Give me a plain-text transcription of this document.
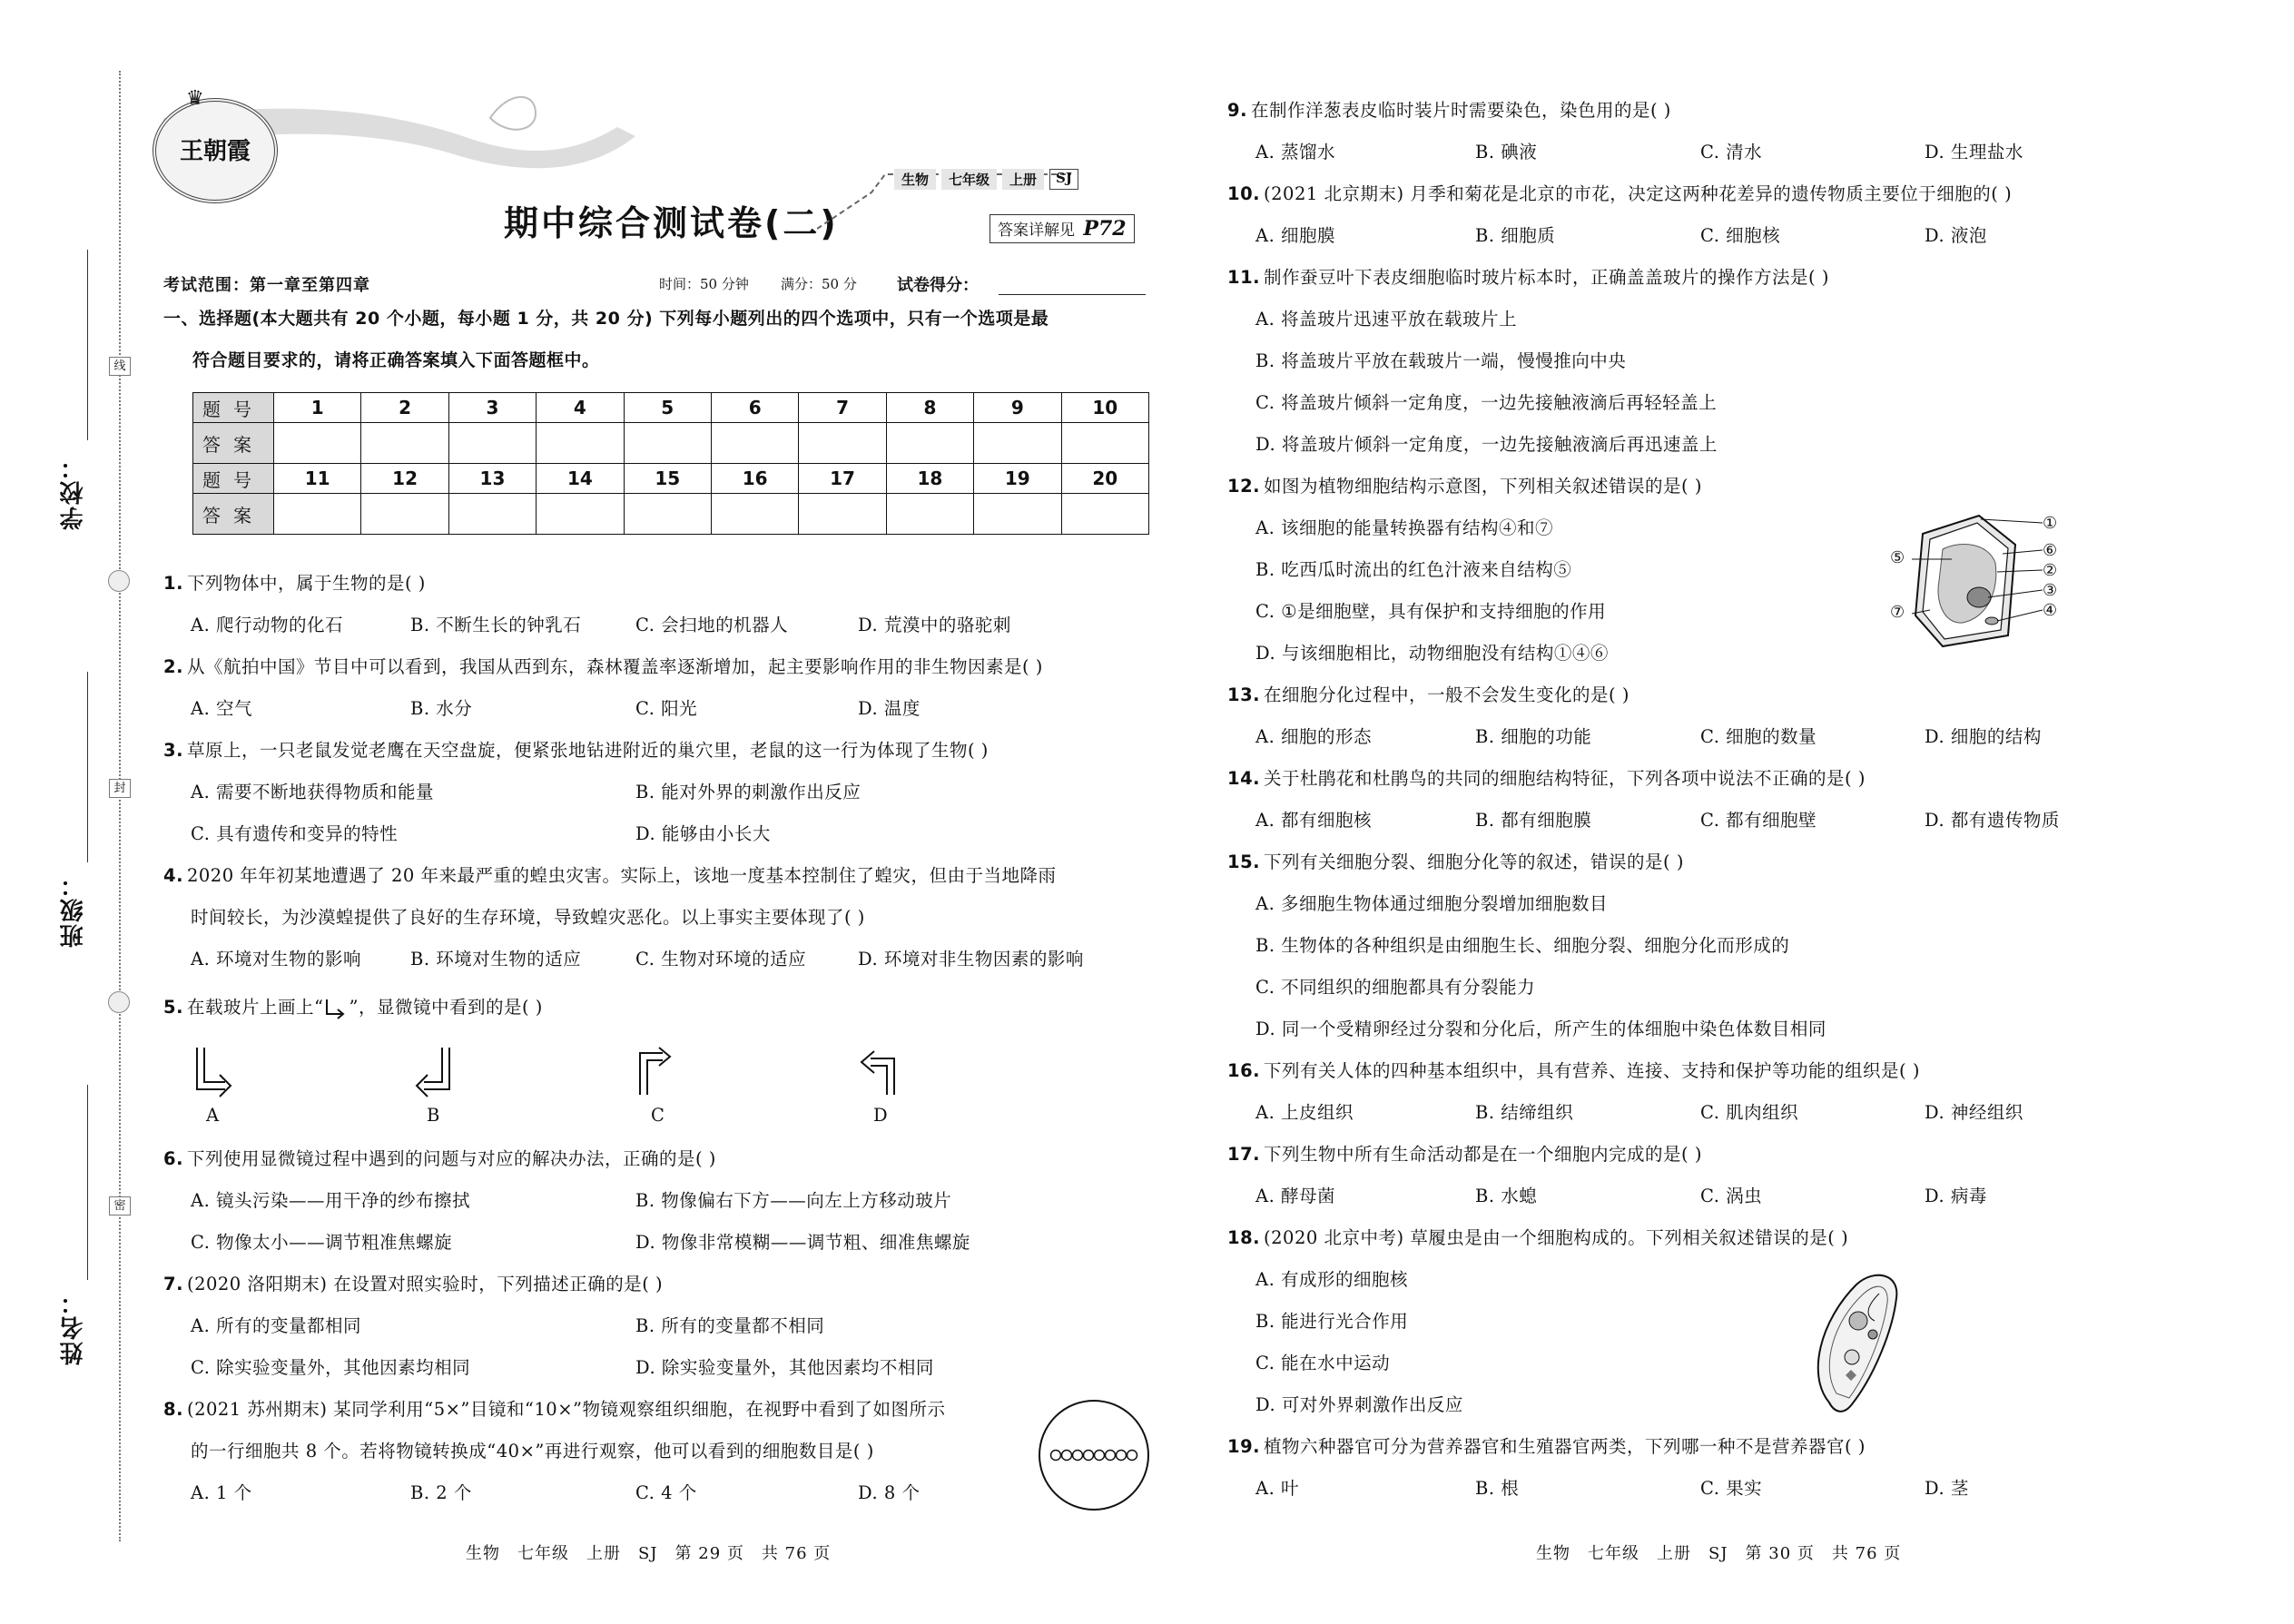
学校：
班级：
姓名：
线
封
密
王朝霞
♛
期中综合测试卷(二)
生物	七年级	上册	SJ
答案详解见 P72
考试范围：第一章至第四章	时间：50 分钟 满分：50 分 试卷得分：
一、选择题(本大题共有 20 个小题，每小题 1 分，共 20 分) 下列每小题列出的四个选项中，只有一个选项是最
符合题目要求的，请将正确答案填入下面答题框中。
题号	1	2	3	4	5	6	7	8	9	10
答案										
题号	11	12	13	14	15	16	17	18	19	20
答案										
1. 下列物体中，属于生物的是( )
A. 爬行动物的化石	B. 不断生长的钟乳石	C. 会扫地的机器人	D. 荒漠中的骆驼刺
2. 从《航拍中国》节目中可以看到，我国从西到东，森林覆盖率逐渐增加，起主要影响作用的非生物因素是( )
A. 空气	B. 水分	C. 阳光	D. 温度
3. 草原上，一只老鼠发觉老鹰在天空盘旋，便紧张地钻进附近的巢穴里，老鼠的这一行为体现了生物( )
A. 需要不断地获得物质和能量	B. 能对外界的刺激作出反应
C. 具有遗传和变异的特性	D. 能够由小长大
4. 2020 年年初某地遭遇了 20 年来最严重的蝗虫灾害。实际上，该地一度基本控制住了蝗灾，但由于当地降雨
时间较长，为沙漠蝗提供了良好的生存环境，导致蝗灾恶化。以上事实主要体现了( )
A. 环境对生物的影响	B. 环境对生物的适应	C. 生物对环境的适应	D. 环境对非生物因素的影响
5. 在载玻片上画上“ ”，显微镜中看到的是( )
A	B	C	D
6. 下列使用显微镜过程中遇到的问题与对应的解决办法，正确的是( )
A. 镜头污染——用干净的纱布擦拭	B. 物像偏右下方——向左上方移动玻片
C. 物像太小——调节粗准焦螺旋	D. 物像非常模糊——调节粗、细准焦螺旋
7. (2020 洛阳期末) 在设置对照实验时，下列描述正确的是( )
A. 所有的变量都相同	B. 所有的变量都不相同
C. 除实验变量外，其他因素均相同	D. 除实验变量外，其他因素均不相同
8. (2021 苏州期末) 某同学利用“5×”目镜和“10×”物镜观察组织细胞，在视野中看到了如图所示
的一行细胞共 8 个。若将物镜转换成“40×”再进行观察，他可以看到的细胞数目是( )
A. 1 个	B. 2 个	C. 4 个	D. 8 个
生物　七年级　上册　SJ　第 29 页　共 76 页
9. 在制作洋葱表皮临时装片时需要染色，染色用的是( )
A. 蒸馏水	B. 碘液	C. 清水	D. 生理盐水
10. (2021 北京期末) 月季和菊花是北京的市花，决定这两种花差异的遗传物质主要位于细胞的( )
A. 细胞膜	B. 细胞质	C. 细胞核	D. 液泡
11. 制作蚕豆叶下表皮细胞临时玻片标本时，正确盖盖玻片的操作方法是( )
A. 将盖玻片迅速平放在载玻片上
B. 将盖玻片平放在载玻片一端，慢慢推向中央
C. 将盖玻片倾斜一定角度，一边先接触液滴后再轻轻盖上
D. 将盖玻片倾斜一定角度，一边先接触液滴后再迅速盖上
12. 如图为植物细胞结构示意图，下列相关叙述错误的是( )
A. 该细胞的能量转换器有结构④和⑦
B. 吃西瓜时流出的红色汁液来自结构⑤
C. ①是细胞壁，具有保护和支持细胞的作用
D. 与该细胞相比，动物细胞没有结构①④⑥
①
⑥
②
③
④
⑤
⑦
13. 在细胞分化过程中，一般不会发生变化的是( )
A. 细胞的形态	B. 细胞的功能	C. 细胞的数量	D. 细胞的结构
14. 关于杜鹃花和杜鹃鸟的共同的细胞结构特征，下列各项中说法不正确的是( )
A. 都有细胞核	B. 都有细胞膜	C. 都有细胞壁	D. 都有遗传物质
15. 下列有关细胞分裂、细胞分化等的叙述，错误的是( )
A. 多细胞生物体通过细胞分裂增加细胞数目
B. 生物体的各种组织是由细胞生长、细胞分裂、细胞分化而形成的
C. 不同组织的细胞都具有分裂能力
D. 同一个受精卵经过分裂和分化后，所产生的体细胞中染色体数目相同
16. 下列有关人体的四种基本组织中，具有营养、连接、支持和保护等功能的组织是( )
A. 上皮组织	B. 结缔组织	C. 肌肉组织	D. 神经组织
17. 下列生物中所有生命活动都是在一个细胞内完成的是( )
A. 酵母菌	B. 水螅	C. 涡虫	D. 病毒
18. (2020 北京中考) 草履虫是由一个细胞构成的。下列相关叙述错误的是( )
A. 有成形的细胞核
B. 能进行光合作用
C. 能在水中运动
D. 可对外界刺激作出反应
19. 植物六种器官可分为营养器官和生殖器官两类，下列哪一种不是营养器官( )
A. 叶	B. 根	C. 果实	D. 茎
生物　七年级　上册　SJ　第 30 页　共 76 页
